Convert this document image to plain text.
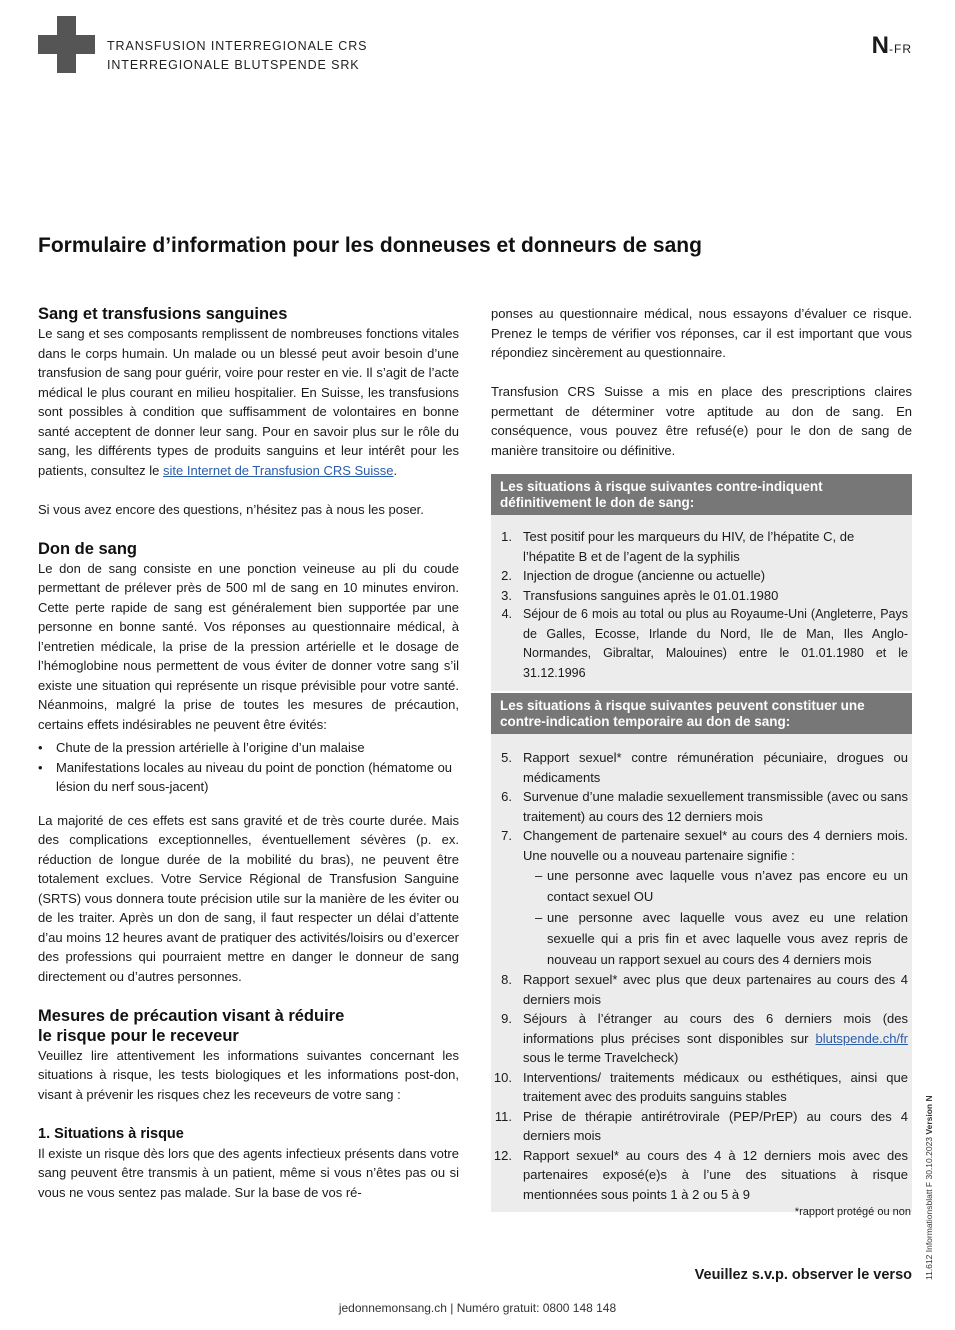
TRANSFUSION INTERREGIONALE CRS
INTERREGIONALE BLUTSPENDE SRK
N-FR
Formulaire d’information pour les donneuses et donneurs de sang
Sang et transfusions sanguines

Le sang et ses composants remplissent de nombreuses fonctions vitales dans le corps humain. Un malade ou un blessé peut avoir besoin d’une transfusion de sang pour guérir, voire pour rester en vie. Il s’agit de l’acte médical le plus courant en milieu hospitalier. En Suisse, les transfusions sont possibles à condition que suffisamment de volontaires en bonne santé acceptent de donner leur sang. Pour en savoir plus sur le rôle du sang, les différents types de produits sanguins et leur intérêt pour les patients, consultez le site Internet de Transfusion CRS Suisse.

Si vous avez encore des questions, n’hésitez pas à nous les poser.

Don de sang

Le don de sang consiste en une ponction veineuse au pli du coude permettant de prélever près de 500 ml de sang en 10 minutes environ. Cette perte rapide de sang est généralement bien supportée par une personne en bonne santé. Vos réponses au questionnaire médical, à l’entretien médicale, la prise de la pression artérielle et le dosage de l’hémoglobine nous permettent de vous éviter de donner votre sang s’il existe une situation qui représente un risque prévisible pour votre santé. Néanmoins, malgré la prise de toutes les mesures de précaution, certains effets indésirables ne peuvent être évités:

• Chute de la pression artérielle à l’origine d’un malaise
• Manifestations locales au niveau du point de ponction (hématome ou lésion du nerf sous-jacent)

La majorité de ces effets est sans gravité et de très courte durée. Mais des complications exceptionnelles, éventuellement sévères (p. ex. réduction de longue durée de la mobilité du bras), ne peuvent être totalement exclues. Votre Service Régional de Transfusion Sanguine (SRTS) vous donnera toute précision utile sur la manière de les éviter ou de les traiter. Après un don de sang, il faut respecter un délai d’attente d’au moins 12 heures avant de pratiquer des activités/loisirs ou d’exercer des professions qui pourraient mettre en danger le donneur de sang directement ou d’autres personnes.

Mesures de précaution visant à réduire
le risque pour le receveur

Veuillez lire attentivement les informations suivantes concernant les situations à risque, les tests biologiques et les informations post-don, visant à prévenir les risques chez les receveurs de votre sang :

1. Situations à risque

Il existe un risque dès lors que des agents infectieux présents dans votre sang peuvent être transmis à un patient, même si vous n’êtes pas ou si vous ne vous sentez pas malade. Sur la base de vos ré-

ponses au questionnaire médical, nous essayons d’évaluer ce risque. Prenez le temps de vérifier vos réponses, car il est important que vous répondiez sincèrement au questionnaire.

Transfusion CRS Suisse a mis en place des prescriptions claires permettant de déterminer votre aptitude au don de sang. En conséquence, vous pouvez être refusé(e) pour le don de sang de manière transitoire ou définitive.

Les situations à risque suivantes contre-indiquent définitivement le don de sang:
1. Test positif pour les marqueurs du HIV, de l’hépatite C, de l’hépatite B et de l’agent de la syphilis
2. Injection de drogue (ancienne ou actuelle)
3. Transfusions sanguines après le 01.01.1980
4. Séjour de 6 mois au total ou plus au Royaume-Uni (Angleterre, Pays de Galles, Ecosse, Irlande du Nord, Ile de Man, Iles Anglo-Normandes, Gibraltar, Malouines) entre le 01.01.1980 et le 31.12.1996
Les situations à risque suivantes peuvent constituer une contre-indication temporaire au don de sang:
5. Rapport sexuel* contre rémunération pécuniaire, drogues ou médicaments
6. Survenue d’une maladie sexuellement transmissible (avec ou sans traitement) au cours des 12 derniers mois
7. Changement de partenaire sexuel* au cours des 4 derniers mois. Une nouvelle ou a nouveau partenaire signifie :
– une personne avec laquelle vous n’avez pas encore eu un contact sexuel OU
– une personne avec laquelle vous avez eu une relation sexuelle qui a pris fin et avec laquelle vous avez repris de nouveau un rapport sexuel au cours des 4 derniers mois
8. Rapport sexuel* avec plus que deux partenaires au cours des 4 derniers mois
9. Séjours à l’étranger au cours des 6 derniers mois (des informations plus précises sont disponibles sur blutspende.ch/fr sous le terme Travelcheck)
10. Interventions/ traitements médicaux ou esthétiques, ainsi que traitement avec des produits sanguins stables
11. Prise de thérapie antirétrovirale (PEP/PrEP) au cours des 4 derniers mois
12. Rapport sexuel* au cours des 4 à 12 derniers mois avec des partenaires exposé(e)s à l’une des situations à risque mentionnées sous points 1 à 2 ou 5 à 9
*rapport protégé ou non
Veuillez s.v.p. observer le verso
jedonnemonsang.ch | Numéro gratuit: 0800 148 148
11.612 Informationsblatt F 30.10.2023 Version N
